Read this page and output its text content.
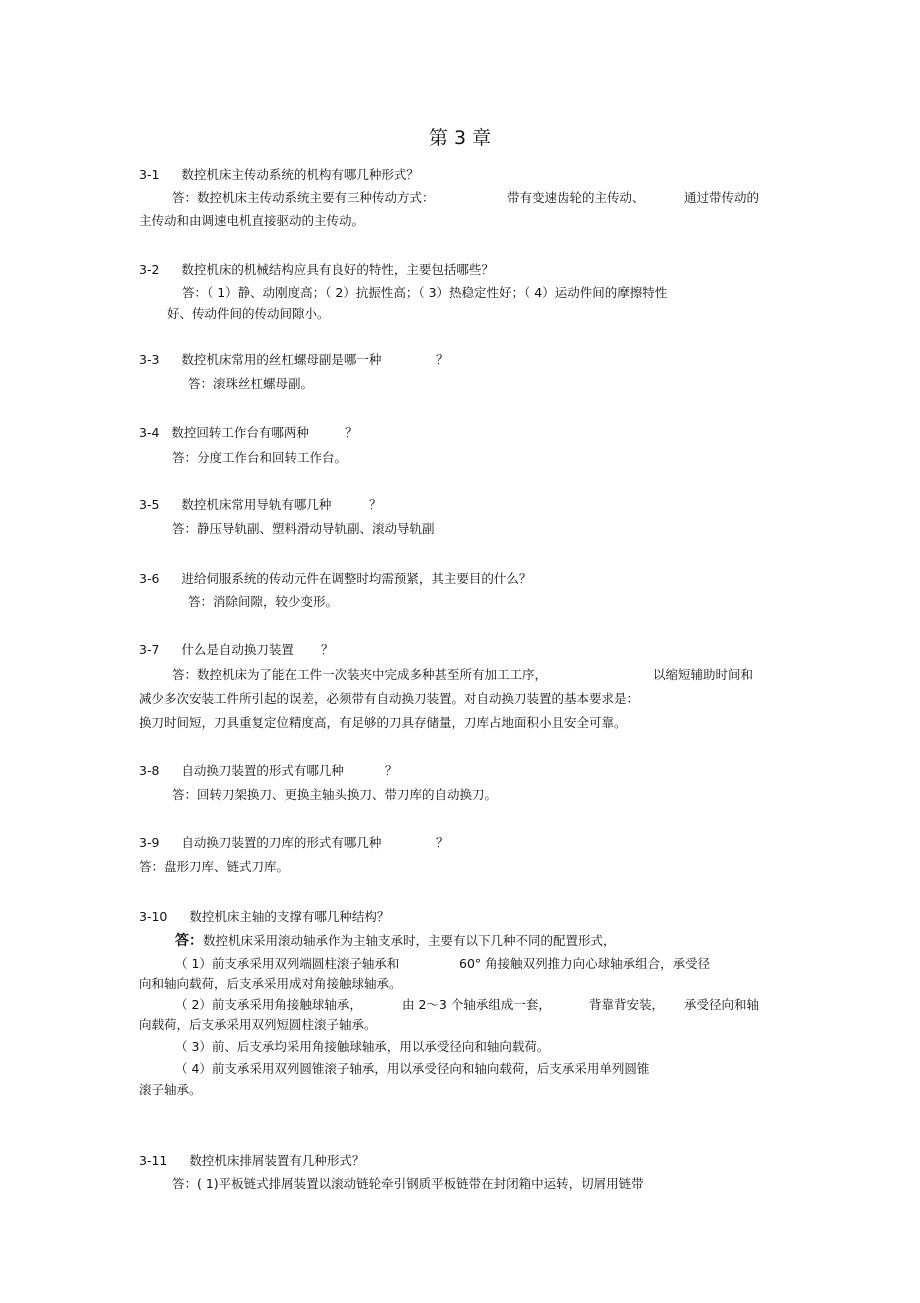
第 3 章
3-1 数控机床主传动系统的机构有哪几种形式？
答：数控机床主传动系统主要有三种传动方式：	带有变速齿轮的主传动、	通过带传动的
主传动和由调速电机直接驱动的主传动。
3-2 数控机床的机械结构应具有良好的特性，主要包括哪些？
答：（ 1）静、动刚度高；（ 2）抗振性高；（ 3）热稳定性好；（ 4）运动件间的摩擦特性
好、传动件间的传动间隙小。
3-3 数控机床常用的丝杠螺母副是哪一种	？
答：滚珠丝杠螺母副。
3-4 数控回转工作台有哪两种	？
答：分度工作台和回转工作台。
3-5 数控机床常用导轨有哪几种	？
答：静压导轨副、塑料滑动导轨副、滚动导轨副
3-6 进给伺服系统的传动元件在调整时均需预紧，其主要目的什么？
答：消除间隙，较少变形。
3-7 什么是自动换刀装置 ？
答：数控机床为了能在工件一次装夹中完成多种甚至所有加工工序，	以缩短辅助时间和
减少多次安装工件所引起的误差，必须带有自动换刀装置。对自动换刀装置的基本要求是：
换刀时间短，刀具重复定位精度高，有足够的刀具存储量，刀库占地面积小且安全可靠。
3-8 自动换刀装置的形式有哪几种	？
答：回转刀架换刀、更换主轴头换刀、带刀库的自动换刀。
3-9 自动换刀装置的刀库的形式有哪几种	？
答：盘形刀库、链式刀库。
3-10 数控机床主轴的支撑有哪几种结构？
答：数控机床采用滚动轴承作为主轴支承时，主要有以下几种不同的配置形式，
（ 1）前支承采用双列端圆柱滚子轴承和	60° 角接触双列推力向心球轴承组合，承受径
向和轴向载荷，后支承采用成对角接触球轴承。
（ 2）前支承采用角接触球轴承，	由 2～3 个轴承组成一套，	背靠背安装， 承受径向和轴
向载荷，后支承采用双列短圆柱滚子轴承。
（ 3）前、后支承均采用角接触球轴承，用以承受径向和轴向载荷。
（ 4）前支承采用双列圆锥滚子轴承，用以承受径向和轴向载荷，后支承采用单列圆锥
滚子轴承。
3-11 数控机床排屑装置有几种形式？
答：( 1)平板链式排屑装置以滚动链轮牵引钢质平板链带在封闭箱中运转，切屑用链带
